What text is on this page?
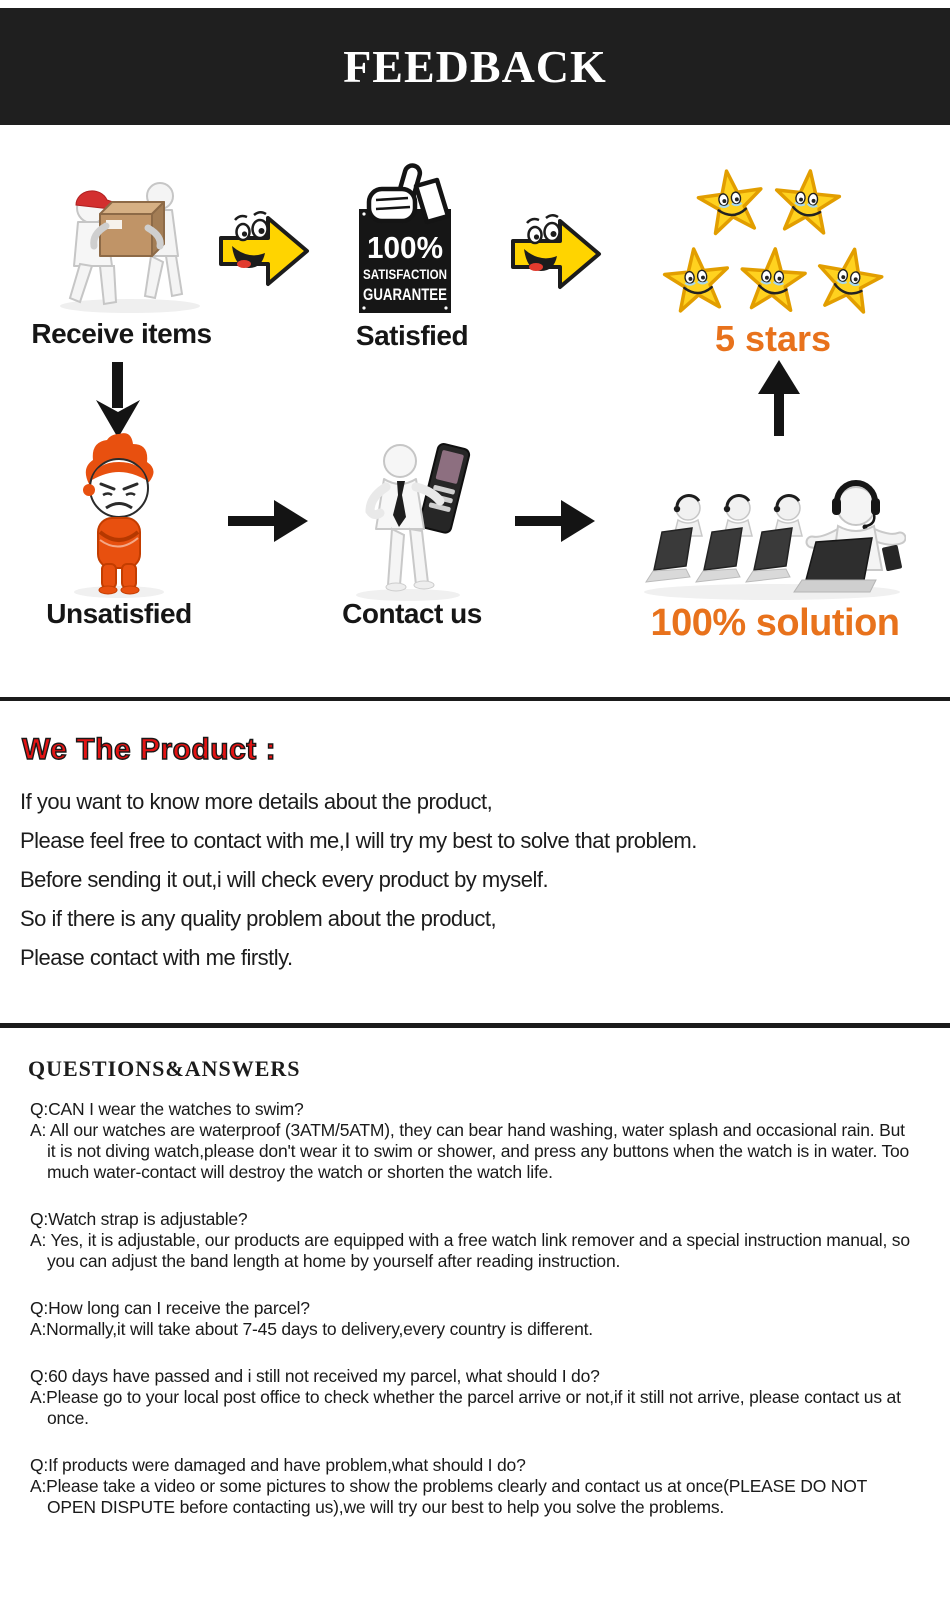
FEEDBACK
100%
SATISFACTION
GUARANTEE
Receive items	Satisfied	5 stars
Unsatisfied	Contact us	100% solution
We The Product :

If you want to know more details about the product,

Please feel free to contact with me,I will try my best to solve that problem.

Before sending it out,i will check every product by myself.

So if there is any quality problem about the product,

Please contact with me firstly.

QUESTIONS&ANSWERS
Q:CAN I wear the watches to swim?
A: All our watches are waterproof (3ATM/5ATM), they can bear hand washing, water splash and occasional rain. But it is not diving watch,please don't wear it to swim or shower, and press any buttons when the watch is in water. Too much water-contact will destroy the watch or shorten the watch life.
Q:Watch strap is adjustable?
A: Yes, it is adjustable, our products are equipped with a free watch link remover and a special instruction manual, so you can adjust the band length at home by yourself after reading instruction.
Q:How long can I receive the parcel?
A:Normally,it will take about 7-45 days to delivery,every country is different.
Q:60 days have passed and i still not received my parcel, what should I do?
A:Please go to your local post office to check whether the parcel arrive or not,if it still not arrive, please contact us at once.
Q:If products were damaged and have problem,what should I do?
A:Please take a video or some pictures to show the problems clearly and contact us at once(PLEASE DO NOT OPEN DISPUTE before contacting us),we will try our best to help you solve the problems.
